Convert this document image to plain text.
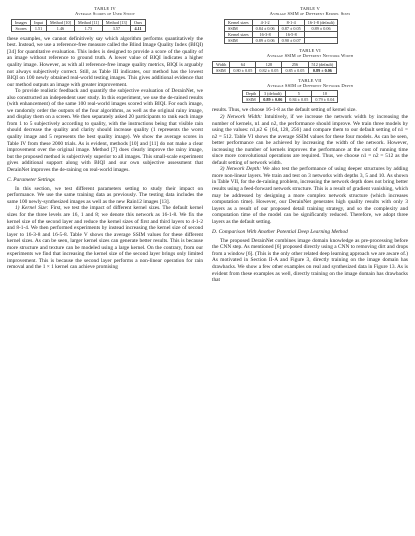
TABLE IV
Average Scores of User Study
Images	Input	Method [10]	Method [11]	Method [13]	Ours
Scores	1.51	1.46	1.73	3.57	4.11

these examples, we cannot definitively say which algorithm performs quantitatively the best. Instead, we use a reference-free measure called the Blind Image Quality Index (BIQI) [34] for quantitative evaluation. This index is designed to provide a score of the quality of an image without reference to ground truth. A lower value of BIQI indicates a higher quality image. However, as with all reference-free image quality metrics, BIQI is arguably not always subjectively correct. Still, as Table III indicates, our method has the lowest BIQI on 100 newly obtained real-world testing images. This gives additional evidence that our method outputs an image with greater improvement.

To provide realistic feedback and quantify the subjective evaluation of DerainNet, we also constructed an independent user study. In this experiment, we use the de-rained results (with enhancement) of the same 100 real-world images scored with BIQI. For each image, we randomly order the outputs of the four algorithms, as well as the original rainy image, and display them on a screen. We then separately asked 20 participants to rank each image from 1 to 5 subjectively according to quality, with the instructions being that visible rain should decrease the quality and clarity should increase quality (1 represents the worst quality image and 5 represents the best quality image). We show the average scores in Table IV from these 2000 trials. As is evident, methods [10] and [11] do not make a clear improvement over the original image. Method [7] does clearly improve the rainy image, but the proposed method is subjectively superior to all images. This small-scale experiment gives additional support along with BIQI and our own subjective assessment that DerainNet improves the de-raining on real-world images.

C. Parameter Settings

In this section, we test different parameters setting to study their impact on performance. We use the same training data as previously. The testing data includes the same 100 newly-synthesized images as well as the new Rain12 images [13].

1) Kernel Size: First, we test the impact of different kernel sizes. The default kernel sizes for the three levels are 16, 1 and 8; we denote this network as 16-1-8. We fix the kernel size of the second layer and reduce the kernel sizes of first and third layers to 4-1-2 and 8-1-4. We then performed experiments by instead increasing the kernel size of second layer to 16-3-8 and 16-5-8. Table V shows the average SSIM values for these different kernel sizes. As can be seen, larger kernel sizes can generate better results. This is because more structure and texture can be modeled using a large kernel. On the contrary, from our experiments we find that increasing the kernel size of the second layer brings only limited improvement. This is because the second layer performs a non-linear operation for rain removal and the 1 × 1 kernel can achieve promising

TABLE V
Average SSIM of Different Kernel Sizes
Kernel sizes	4-1-2	8-1-4	16-1-8 (default)
SSIM	0.84 ± 0.06	0.87 ± 0.05	0.89 ± 0.06
Kernel sizes	16-3-8	16-5-8	
SSIM	0.89 ± 0.06	0.90 ± 0.07	
TABLE VI
Average SSIM of Different Network Width
Width	64	128	256	512 (default)
SSIM	0.80 ± 0.05	0.82 ± 0.05	0.85 ± 0.05	0.89 ± 0.06
TABLE VII
Average SSIM of Different Network Depth
Depth	3 (default)	5	10
SSIM	0.89 ± 0.06	0.84 ± 0.05	0.79 ± 0.04

results. Thus, we choose 16-1-8 as the default setting of kernel size.

2) Network Width: Intuitively, if we increase the network width by increasing the number of kernels, n1 and n2, the performance should improve. We train three models by using the values: n1,n2 ∈ {64, 128, 256} and compare them to our default setting of n1 = n2 = 512. Table VI shows the average SSIM values for these four models. As can be seen, better performance can be achieved by increasing the width of the network. However, increasing the number of kernels improves the performance at the cost of running time since more convolutional operations are required. Thus, we choose n1 = n2 = 512 as the default setting of network width.

3) Network Depth: We also test the performance of using deeper structures by adding more non-linear layers. We train and test on 3 networks with depths 3, 5 and 10. As shown in Table VII, for the de-raining problem, increasing the network depth does not bring better results using a feed-forward network structure. This is a result of gradient vanishing, which may be addressed by designing a more complex network structure (which increases computation time). However, our DerainNet generates high quality results with only 3 layers as a result of our proposed detail training strategy, and so the complexity and computation time of the model can be significantly reduced. Therefore, we adopt three layers as the default setting.

D. Comparison With Another Potential Deep Learning Method

The proposed DerainNet combines image domain knowledge as pre-processing before the CNN step. As mentioned [6] proposed directly using a CNN to removing dirt and drops from a window [6]. (This is the only other related deep learning approach we are aware of.) As motivated in Section II-A and Figure 3, directly training on the image domain has drawbacks. We show a few other examples on real and synthesized data in Figure 13. As is evident from these examples as well, directly training on the image domain has drawbacks that
